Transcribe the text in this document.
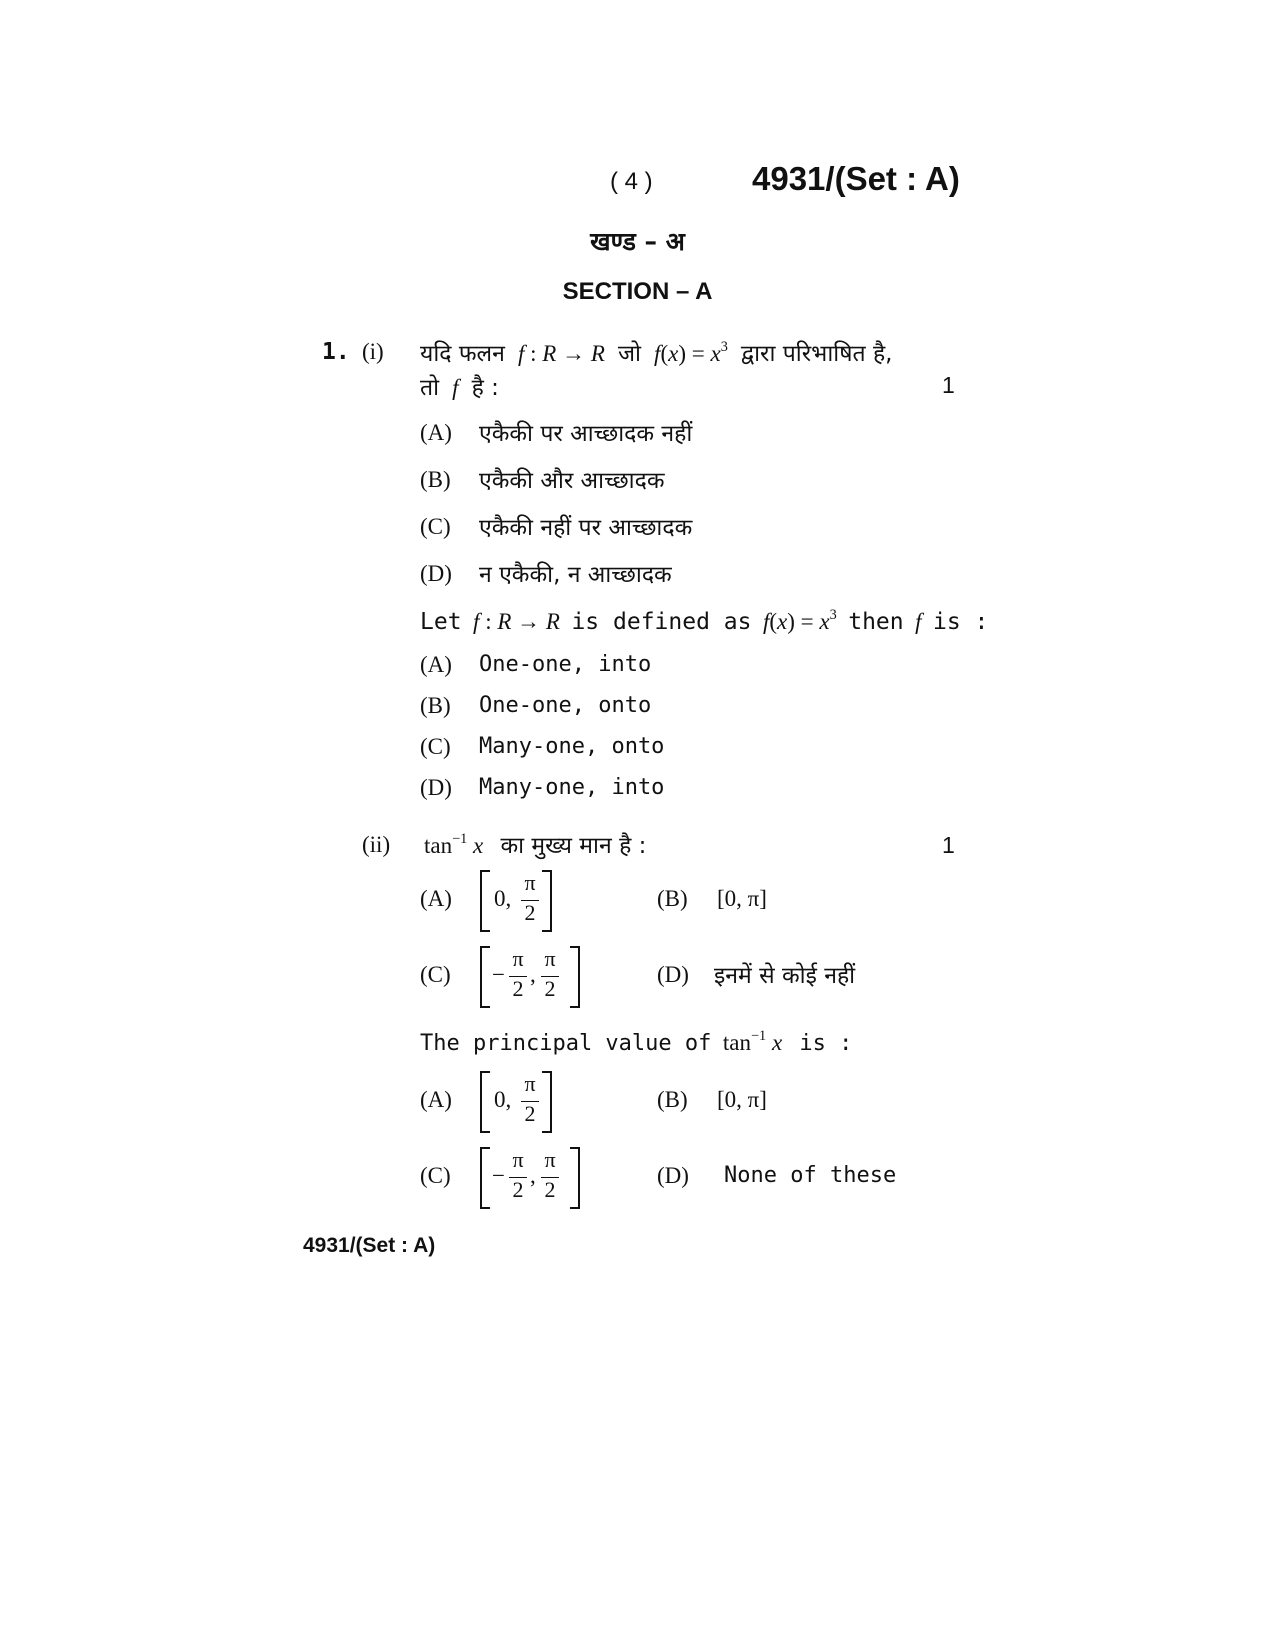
( 4 )	4931/(Set : A)
खण्ड – अ
SECTION – A
1. (i) यदि फलन f : R → R जो $f(x) = x^3$ द्वारा परिभाषित है,
तो f है :	1
(A) एकैकी पर आच्छादक नहीं
(B) एकैकी और आच्छादक
(C) एकैकी नहीं पर आच्छादक
(D) न एकैकी, न आच्छादक
Let f : R → R is defined as $f(x) = x^3$ then f is :
(A) One-one, into
(B) One-one, onto
(C) Many-one, onto
(D) Many-one, into
(ii) $\tan^{-1} x$ का मुख्य मान है :	1
(A) 0,
π
2
(B) [0, π]
(C) −
π
2
,
π
2
(D) इनमें से कोई नहीं
The principal value of  $\tan^{-1} x$ is :
(A) 0,
π
2
(B) [0, π]
(C) −
π
2
,
π
2
(D) None of these
4931/(Set : A)
